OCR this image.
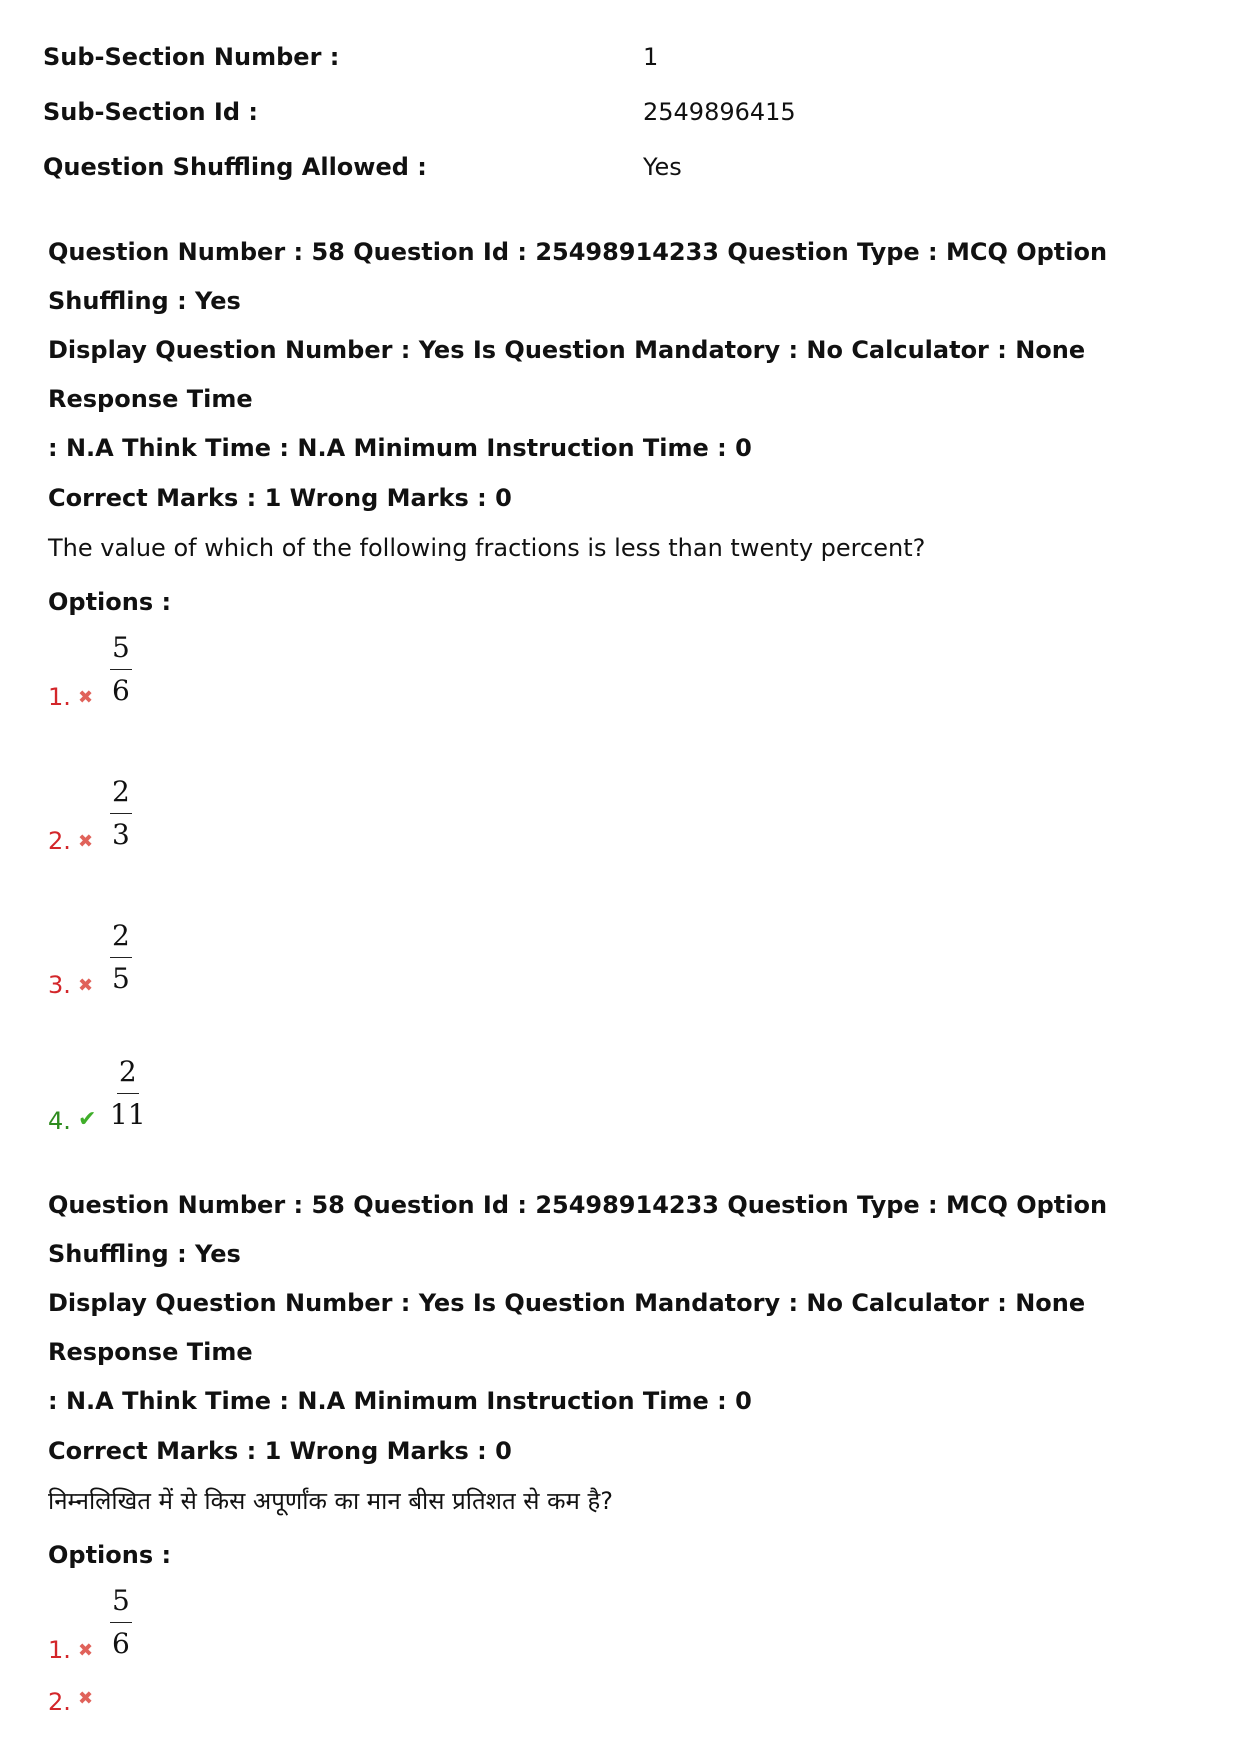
Sub-Section Number :	1
Sub-Section Id :	2549896415
Question Shuffling Allowed :	Yes

Question Number : 58 Question Id : 25498914233 Question Type : MCQ Option Shuffling : Yes

Display Question Number : Yes Is Question Mandatory : No Calculator : None Response Time

: N.A Think Time : N.A Minimum Instruction Time : 0

Correct Marks : 1 Wrong Marks : 0

The value of which of the following fractions is less than twenty percent?

Options :

1. ✖ $\frac{5}{6}$
2. ✖ $\frac{2}{3}$
3. ✖ $\frac{2}{5}$
4. ✔ $\frac{2}{11}$

Question Number : 58 Question Id : 25498914233 Question Type : MCQ Option Shuffling : Yes

Display Question Number : Yes Is Question Mandatory : No Calculator : None Response Time

: N.A Think Time : N.A Minimum Instruction Time : 0

Correct Marks : 1 Wrong Marks : 0

निम्नलिखित में से किस अपूर्णांक का मान बीस प्रतिशत से कम है?

Options :

1. ✖ $\frac{5}{6}$
2. ✖
